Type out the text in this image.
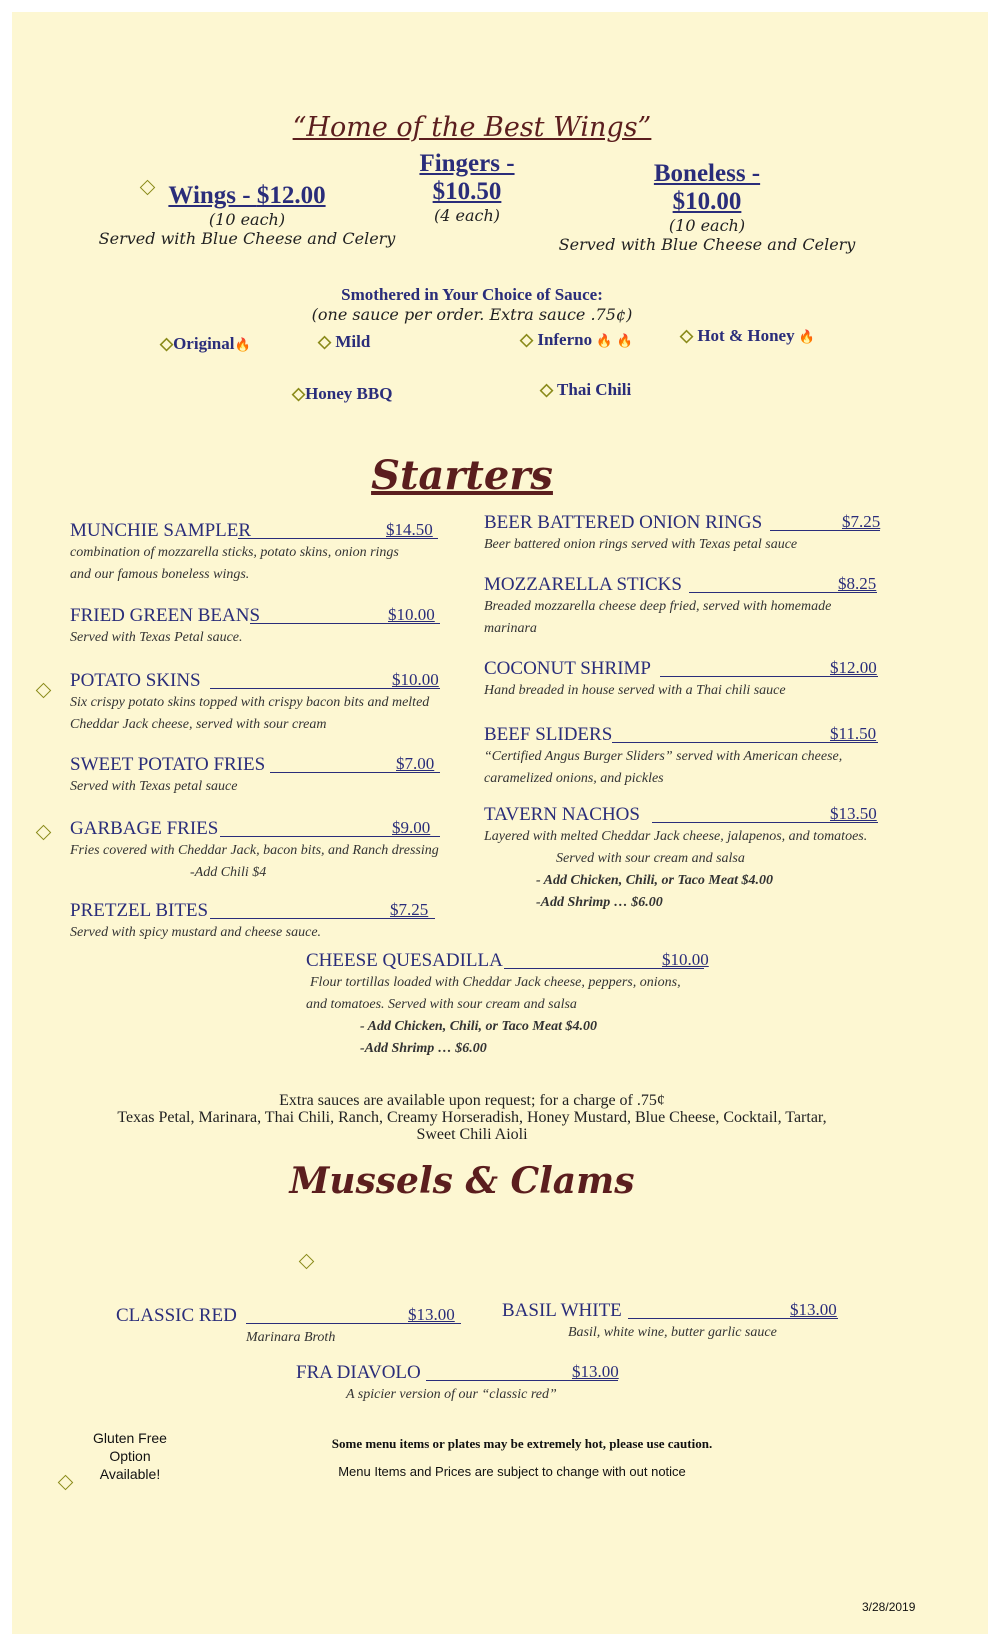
“Home of the Best Wings”
Wings - $12.00
(10 each)
Served with Blue Cheese and Celery
Fingers -
$10.50
(4 each)
Boneless -
$10.00
(10 each)
Served with Blue Cheese and Celery
Smothered in Your Choice of Sauce:
(one sauce per order. Extra sauce .75¢)
◇Original🔥	◇ Mild	◇ Inferno 🔥 🔥	◇ Hot & Honey 🔥
◇Honey BBQ	◇ Thai Chili
Starters
MUNCHIE SAMPLER	$14.50
combination of mozzarella sticks, potato skins, onion rings
and our famous boneless wings.
FRIED GREEN BEANS	$10.00
Served with Texas Petal sauce.
POTATO SKINS	$10.00
Six crispy potato skins topped with crispy bacon bits and melted
Cheddar Jack cheese, served with sour cream
SWEET POTATO FRIES	$7.00
Served with Texas petal sauce
GARBAGE FRIES	$9.00
Fries covered with Cheddar Jack, bacon bits, and Ranch dressing
-Add Chili $4
PRETZEL BITES	$7.25
Served with spicy mustard and cheese sauce.
BEER BATTERED ONION RINGS	$7.25
Beer battered onion rings served with Texas petal sauce
MOZZARELLA STICKS	$8.25
Breaded mozzarella cheese deep fried, served with homemade
marinara
COCONUT SHRIMP	$12.00
Hand breaded in house served with a Thai chili sauce
BEEF SLIDERS	$11.50
“Certified Angus Burger Sliders” served with American cheese,
caramelized onions, and pickles
TAVERN NACHOS	$13.50
Layered with melted Cheddar Jack cheese, jalapenos, and tomatoes.
Served with sour cream and salsa
- Add Chicken, Chili, or Taco Meat $4.00
-Add Shrimp … $6.00
CHEESE QUESADILLA	$10.00
Flour tortillas loaded with Cheddar Jack cheese, peppers, onions,
and tomatoes. Served with sour cream and salsa
- Add Chicken, Chili, or Taco Meat $4.00
-Add Shrimp … $6.00
Extra sauces are available upon request; for a charge of .75¢
Texas Petal, Marinara, Thai Chili, Ranch, Creamy Horseradish, Honey Mustard, Blue Cheese, Cocktail, Tartar,
Sweet Chili Aioli
Mussels & Clams
CLASSIC RED	$13.00
Marinara Broth
BASIL WHITE	$13.00
Basil, white wine, butter garlic sauce
FRA DIAVOLO	$13.00
A spicier version of our “classic red”
Gluten Free
Option
Available!
Some menu items or plates may be extremely hot, please use caution.
Menu Items and Prices are subject to change with out notice
3/28/2019
